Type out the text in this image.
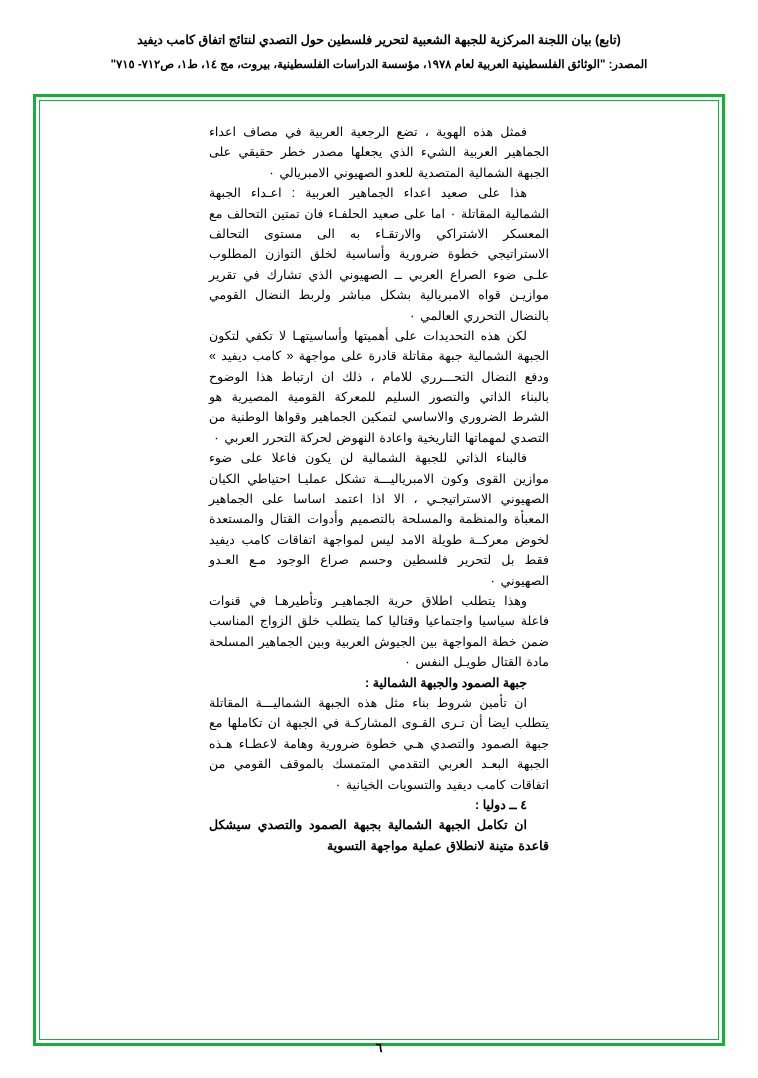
(تابع) بيان اللجنة المركزية للجبهة الشعبية لتحرير فلسطين حول التصدي لنتائج اتفاق كامب ديفيد
المصدر: "الوثائق الفلسطينية العربية لعام ١٩٧٨، مؤسسة الدراسات الفلسطينية، بيروت، مج ١٤، ط١، ص٧١٢- ٧١٥"

فمثل هذه الهوية ، تضع الرجعية العربية في مصاف اعداء الجماهير العربية الشيء الذي يجعلها مصدر خطر حقيقي على الجبهة الشمالية المتصدية للعدو الصهيوني الامبريالي ٠

هذا على صعيد اعداء الجماهير العربية : اعـداء الجبهة الشمالية المقاتلة ٠ اما على صعيد الحلفـاء فان تمتين التحالف مع المعسكر الاشتراكي والارتقـاء به الى مستوى التحالف الاستراتيجي خطوة ضرورية وأساسية لخلق التوازن المطلوب علـى ضوء الصراع العربي ــ الصهيوني الذي تشارك في تقرير موازيـن قواه الامبريالية بشكل مباشر ولربط النضال القومي بالنضال التحرري العالمي ٠

لكن هذه التحديدات على أهميتها وأساسيتهـا لا تكفي لتكون الجبهة الشمالية جبهة مقاتلة قادرة على مواجهة « كامب ديفيد » ودفع النضال التحـــرري للامام ، ذلك ان ارتباط هذا الوضوح بالبناء الذاتي والتصور السليم للمعركة القومية المصيرية هو الشرط الضروري والاساسي لتمكين الجماهير وقواها الوطنية من التصدي لمهماتها التاريخية واعادة النهوض لحركة التحرر العربي ٠

فالبناء الذاتي للجبهة الشمالية لن يكون فاعلا على ضوء موازين القوى وكون الامبرياليـــة تشكل عمليـا احتياطي الكيان الصهيوني الاستراتيجـي ، الا اذا اعتمد اساسا على الجماهير المعبأة والمنظمة والمسلحة بالتصميم وأدوات القتال والمستعدة لخوض معركــة طويلة الامد ليس لمواجهة اتفاقات كامب ديفيد فقط بل لتحرير فلسطين وحسم صراع الوجود مـع العـدو الصهيوني ٠

وهذا يتطلب اطلاق حرية الجماهيـر وتأطيرهـا في قنوات فاعلة سياسيا واجتماعيا وقتاليا كما يتطلب خلق الزواج المناسب ضمن خطة المواجهة بين الجيوش العربية وبين الجماهير المسلحة مادة القتال طويـل النفس ٠

جبهة الصمود والجبهة الشمالية :

ان تأمين شروط بناء مثل هذه الجبهة الشماليـــة المقاتلة يتطلب ايضا أن تـرى القـوى المشاركـة في الجبهة ان تكاملها مع جبهة الصمود والتصدي هـي خطوة ضرورية وهامة لاعطـاء هـذه الجبهة البعـد العربي التقدمي المتمسك بالموقف القومي من اتفاقات كامب ديفيد والتسويات الخيانية ٠

٤ ــ دوليا :

ان تكامل الجبهة الشمالية بجبهة الصمود والتصدي سيشكل قاعدة متينة لانطلاق عملية مواجهة التسوية

٦
